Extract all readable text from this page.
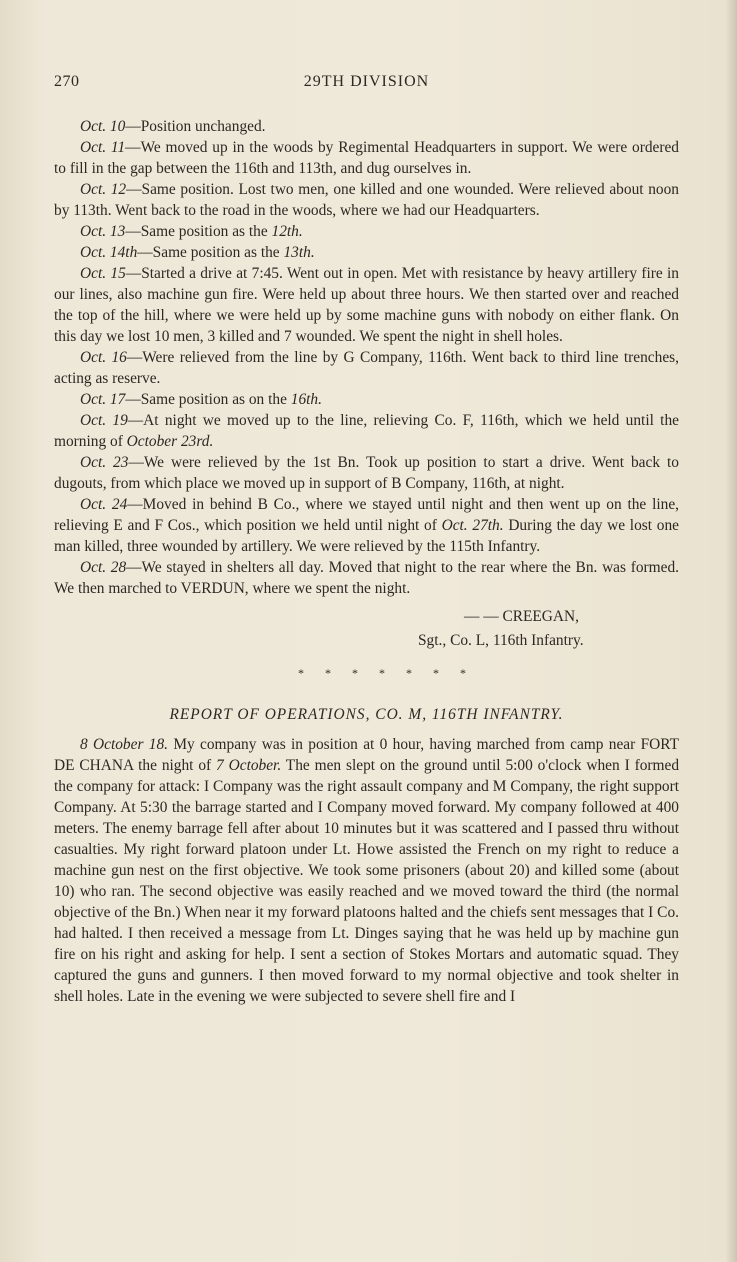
270	29TH DIVISION

Oct. 10—Position unchanged.

Oct. 11—We moved up in the woods by Regimental Headquarters in support. We were ordered to fill in the gap between the 116th and 113th, and dug ourselves in.

Oct. 12—Same position. Lost two men, one killed and one wounded. Were relieved about noon by 113th. Went back to the road in the woods, where we had our Headquarters.

Oct. 13—Same position as the 12th.

Oct. 14th—Same position as the 13th.

Oct. 15—Started a drive at 7:45. Went out in open. Met with resistance by heavy artillery fire in our lines, also machine gun fire. Were held up about three hours. We then started over and reached the top of the hill, where we were held up by some machine guns with nobody on either flank. On this day we lost 10 men, 3 killed and 7 wounded. We spent the night in shell holes.

Oct. 16—Were relieved from the line by G Company, 116th. Went back to third line trenches, acting as reserve.

Oct. 17—Same position as on the 16th.

Oct. 19—At night we moved up to the line, relieving Co. F, 116th, which we held until the morning of October 23rd.

Oct. 23—We were relieved by the 1st Bn. Took up position to start a drive. Went back to dugouts, from which place we moved up in support of B Company, 116th, at night.

Oct. 24—Moved in behind B Co., where we stayed until night and then went up on the line, relieving E and F Cos., which position we held until night of Oct. 27th. During the day we lost one man killed, three wounded by artillery. We were relieved by the 115th Infantry.

Oct. 28—We stayed in shelters all day. Moved that night to the rear where the Bn. was formed. We then marched to VERDUN, where we spent the night.

— — CREEGAN,
Sgt., Co. L, 116th Infantry.
* * * * * * *
REPORT OF OPERATIONS, CO. M, 116TH INFANTRY.

8 October 18. My company was in position at 0 hour, having marched from camp near FORT DE CHANA the night of 7 October. The men slept on the ground until 5:00 o'clock when I formed the company for attack: I Company was the right assault company and M Company, the right support Company. At 5:30 the barrage started and I Company moved forward. My company followed at 400 meters. The enemy barrage fell after about 10 minutes but it was scattered and I passed thru without casualties. My right forward platoon under Lt. Howe assisted the French on my right to reduce a machine gun nest on the first objective. We took some prisoners (about 20) and killed some (about 10) who ran. The second objective was easily reached and we moved toward the third (the normal objective of the Bn.) When near it my forward platoons halted and the chiefs sent messages that I Co. had halted. I then received a message from Lt. Dinges saying that he was held up by machine gun fire on his right and asking for help. I sent a section of Stokes Mortars and automatic squad. They captured the guns and gunners. I then moved forward to my normal objective and took shelter in shell holes. Late in the evening we were subjected to severe shell fire and I
